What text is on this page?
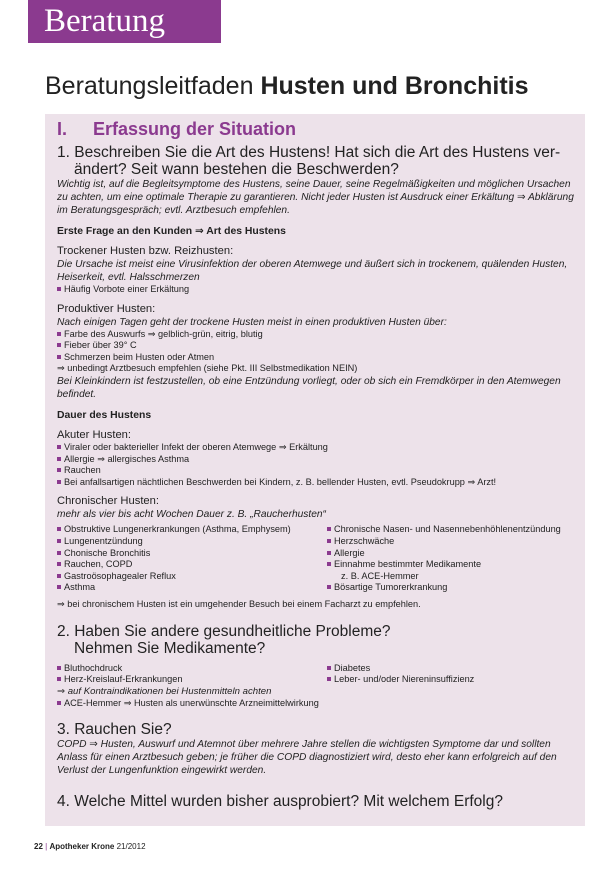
Beratung
Beratungsleitfaden Husten und Bronchitis

I. Erfassung der Situation

1. Beschreiben Sie die Art des Hustens! Hat sich die Art des Hustens ver-

ändert? Seit wann bestehen die Beschwerden?

Wichtig ist, auf die Begleitsymptome des Hustens, seine Dauer, seine Regelmäßigkeiten und möglichen Ursachen zu achten, um eine optimale Therapie zu garantieren. Nicht jeder Husten ist Ausdruck einer Erkältung ⇒ Abklärung im Beratungsgespräch; evtl. Arztbesuch empfehlen.

Erste Frage an den Kunden ⇒ Art des Hustens

Trockener Husten bzw. Reizhusten:

Die Ursache ist meist eine Virusinfektion der oberen Atemwege und äußert sich in trockenem, quälenden Husten, Heiserkeit, evtl. Halsschmerzen

Häufig Vorbote einer Erkältung

Produktiver Husten:

Nach einigen Tagen geht der trockene Husten meist in einen produktiven Husten über:

Farbe des Auswurfs ⇒ gelblich-grün, eitrig, blutig
Fieber über 39° C
Schmerzen beim Husten oder Atmen

⇒ unbedingt Arztbesuch empfehlen (siehe Pkt. III Selbstmedikation NEIN)

Bei Kleinkindern ist festzustellen, ob eine Entzündung vorliegt, oder ob sich ein Fremdkörper in den Atemwegen befindet.

Dauer des Hustens

Akuter Husten:

Viraler oder bakterieller Infekt der oberen Atemwege ⇒ Erkältung
Allergie ⇒ allergisches Asthma
Rauchen
Bei anfallsartigen nächtlichen Beschwerden bei Kindern, z. B. bellender Husten, evtl. Pseudokrupp ⇒ Arzt!

Chronischer Husten:

mehr als vier bis acht Wochen Dauer z. B. „Raucherhusten“

Obstruktive Lungenerkrankungen (Asthma, Emphysem)
Lungenentzündung
Chonische Bronchitis
Rauchen, COPD
Gastroösophagealer Reflux
Asthma
Chronische Nasen- und Nasennebenhöhlenentzündung
Herzschwäche
Allergie
Einnahme bestimmter Medikamente

z. B. ACE-Hemmer

Bösartige Tumorerkrankung

⇒ bei chronischem Husten ist ein umgehender Besuch bei einem Facharzt zu empfehlen.

2. Haben Sie andere gesundheitliche Probleme?

Nehmen Sie Medikamente?

Bluthochdruck
Herz-Kreislauf-Erkrankungen
Diabetes
Leber- und/oder Niereninsuffizienz

⇒ auf Kontraindikationen bei Hustenmitteln achten

ACE-Hemmer ⇒ Husten als unerwünschte Arzneimittelwirkung

3. Rauchen Sie?

COPD ⇒ Husten, Auswurf und Atemnot über mehrere Jahre stellen die wichtigsten Symptome dar und sollten Anlass für einen Arztbesuch geben; je früher die COPD diagnostiziert wird, desto eher kann erfolgreich auf den Verlust der Lungenfunktion eingewirkt werden.

4. Welche Mittel wurden bisher ausprobiert? Mit welchem Erfolg?

22 | Apotheker Krone 21/2012
